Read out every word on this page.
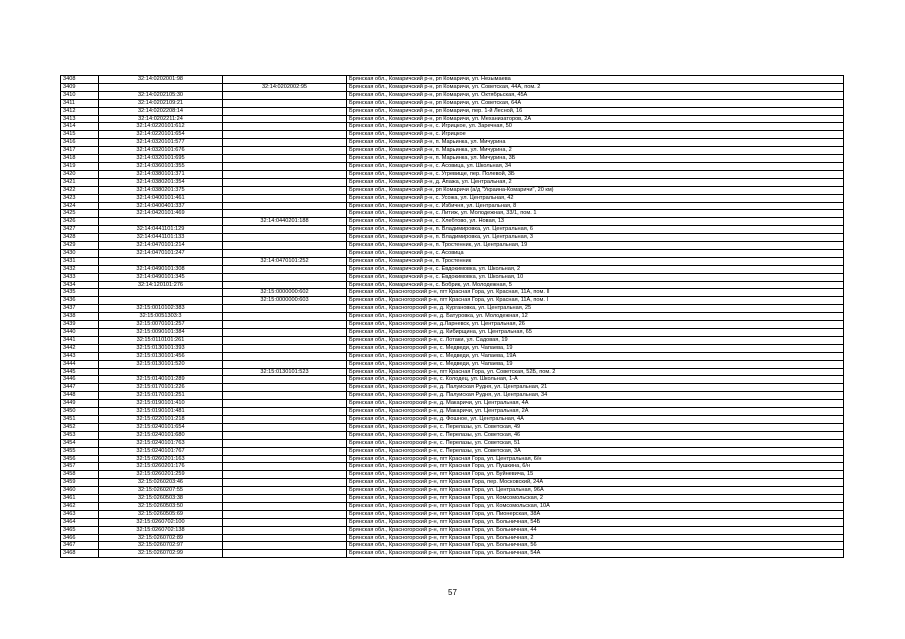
3408	32:14:0202001:98		Брянская обл., Комаричский р-н, рп Комаричи, ул. Незымаева
3409		32:14:0202002:95	Брянская обл., Комаричский р-н, рп Комаричи, ул. Советская, 44А, пом. 2
3410	32:14:0202105:30		Брянская обл., Комаричский р-н, рп Комаричи, ул. Октябрьская, 45А
3411	32:14:0202109:21		Брянская обл., Комаричский р-н, рп Комаричи, ул. Советская, 64А
3412	32:14:0202208:14		Брянская обл., Комаричский р-н, рп Комаричи, пер. 1-й Лесной, 16
3413	32:14:0202211:24		Брянская обл., Комаричский р-н, рп Комаричи, ул. Механизаторов, 2А
3414	32:14:0220101:612		Брянская обл., Комаричский р-н, с. Игрицкое, ул. Заречная, 50
3415	32:14:0220101:654		Брянская обл., Комаричский р-н, с. Игрицкое
3416	32:14:0320101:577		Брянская обл., Комаричский р-н, п. Марьинка, ул. Мичурина
3417	32:14:0320101:676		Брянская обл., Комаричский р-н, п. Марьинка, ул. Мичурина, 2
3418	32:14:0320101:695		Брянская обл., Комаричский р-н, п. Марьинка, ул. Мичурина, 3Б
3419	32:14:0360101:355		Брянская обл., Комаричский р-н, с. Асовица, ул. Школьная, 34
3420	32:14:0380101:371		Брянская обл., Комаричский р-н, с. Угревище, пер. Полевой, 3Б
3421	32:14:0380201:354		Брянская обл., Комаричский р-н, д. Апажа, ул. Центральная, 2
3422	32:14:0380201:375		Брянская обл., Комаричский р-н, рп Комаричи (а/д "Украина-Комаричи", 20 км)
3423	32:14:0400101:461		Брянская обл., Комаричский р-н, с. Усожа, ул. Центральная, 42
3424	32:14:0400401:337		Брянская обл., Комаричский р-н, с. Избичня, ул. Центральная, 8
3425	32:14:0420101:469		Брянская обл., Комаричский р-н, с. Литиж, ул. Молодежная, 33/1, пом. 1
3426		32:14:0440201:188	Брянская обл., Комаричский р-н, с. Хлебтово, ул. Новая, 13
3427	32:14:0441101:129		Брянская обл., Комаричский р-н, п. Владимировка, ул. Центральная, 6
3428	32:14:0441101:133		Брянская обл., Комаричский р-н, п. Владимировка, ул. Центральная, 3
3429	32:14:0470101:214		Брянская обл., Комаричский р-н, п. Тростенник, ул. Центральная, 19
3430	32:14:0470101:247		Брянская обл., Комаричский р-н, с. Асовица
3431		32:14:0470101:252	Брянская обл., Комаричский р-н, п. Тростенник
3432	32:14:0490101:308		Брянская обл., Комаричский р-н, с. Евдокимовка, ул. Школьная, 2
3433	32:14:0490101:345		Брянская обл., Комаричский р-н, с. Евдокимовка, ул. Школьная, 10
3434	32:14:120101:276		Брянская обл., Комаричский р-н, с. Бобрик, ул. Молодежная, 5
3435		32:15:0000000:602	Брянская обл., Красногорский р-н, пгт Красная Гора, ул. Красная, 11А, пом. II
3436		32:15:0000000:603	Брянская обл., Красногорский р-н, пгт Красная Гора, ул. Красная, 11А, пом. I
3437	32:15:0010102:383		Брянская обл., Красногорский р-н, д. Кургановка, ул. Центральная, 25
3438	32:15:0051303:3		Брянская обл., Красногорский р-н, д. Батуровка, ул. Молодежная, 12
3439	32:15:0070101:257		Брянская обл., Красногорский р-н, д.Ларневск, ул. Центральная, 26
3440	32:15:0090101:384		Брянская обл., Красногорский р-н, д. Кибирщина, ул. Центральная, 65
3441	32:15:0110101:261		Брянская обл., Красногорский р-н, с. Лотаки, ул. Садовая, 19
3442	32:15:0130101:393		Брянская обл., Красногорский р-н, с. Медведи, ул. Чапаева, 19
3443	32:15:0130101:456		Брянская обл., Красногорский р-н, с. Медведи, ул. Чапаева, 19А
3444	32:15:0130101:520		Брянская обл., Красногорский р-н, с. Медведи, ул. Чапаева, 19
3445		32:15:0130101:523	Брянская обл., Красногорский р-н, пгт Красная Гора, ул. Советская, 52Б, пом. 2
3446	32:15:0140101:289		Брянская обл., Красногорский р-н, с. Колодец, ул. Школьная, 1-А
3447	32:15:0170101:226		Брянская обл., Красногорский р-н, д. Палуиская Рудня, ул. Центральная, 21
3448	32:15:0170101:251		Брянская обл., Красногорский р-н, д. Палуиская Рудня, ул. Центральная, 34
3449	32:15:0190101:410		Брянская обл., Красногорский р-н, д. Макаричи, ул. Центральная, 4А
3450	32:15:0190101:481		Брянская обл., Красногорский р-н, д. Макаричи, ул. Центральная, 2А
3451	32:15:0220101:218		Брянская обл., Красногорский р-н, д. Фошное, ул. Центральная, 4А
3452	32:15:0240101:654		Брянская обл., Красногорский р-н, с. Перелазы, ул. Советская, 49
3453	32:15:0240101:680		Брянская обл., Красногорский р-н, с. Перелазы, ул. Советская, 46
3454	32:15:0240101:763		Брянская обл., Красногорский р-н, с. Перелазы, ул. Советская, 51
3455	32:15:0240101:767		Брянская обл., Красногорский р-н, с. Перелазы, ул. Советская, 3А
3456	32:15:0260201:163		Брянская обл., Красногорский р-н, пгт Красная Гора, ул. Центральная, 6/н
3457	32:15:0260201:176		Брянская обл., Красногорский р-н, пгт Красная Гора, ул. Пушкина, 6/н
3458	32:15:0260201:259		Брянская обл., Красногорский р-н, пгт Красная Гора, ул. Буйневича, 15
3459	32:15:0260203:46		Брянская обл., Красногорский р-н, пгт Красная Гора, пер. Московский, 24А
3460	32:15:0260207:55		Брянская обл., Красногорский р-н, пгт Красная Гора, ул. Центральная, 96А
3461	32:15:0260503:38		Брянская обл., Красногорский р-н, пгт Красная Гора, ул. Комсомольская, 2
3462	32:15:0260503:50		Брянская обл., Красногорский р-н, пгт Красная Гора, ул. Комсомольская, 10А
3463	32:15:0260505:69		Брянская обл., Красногорский р-н, пгт Красная Гора, ул. Пионерская, 38А
3464	32:15:0260702:100		Брянская обл., Красногорский р-н, пгт Красная Гора, ул. Больничная, 54Б
3465	32:15:0260702:138		Брянская обл., Красногорский р-н, пгт Красная Гора, ул. Больничная, 44
3466	32:15:0260702:89		Брянская обл., Красногорский р-н, пгт Красная Гора, ул. Больничная, 2
3467	32:15:0260702:97		Брянская обл., Красногорский р-н, пгт Красная Гора, ул. Больничная, 56
3468	32:15:0260702:99		Брянская обл., Красногорский р-н, пгт Красная Гора, ул. Больничная, 54А
57
